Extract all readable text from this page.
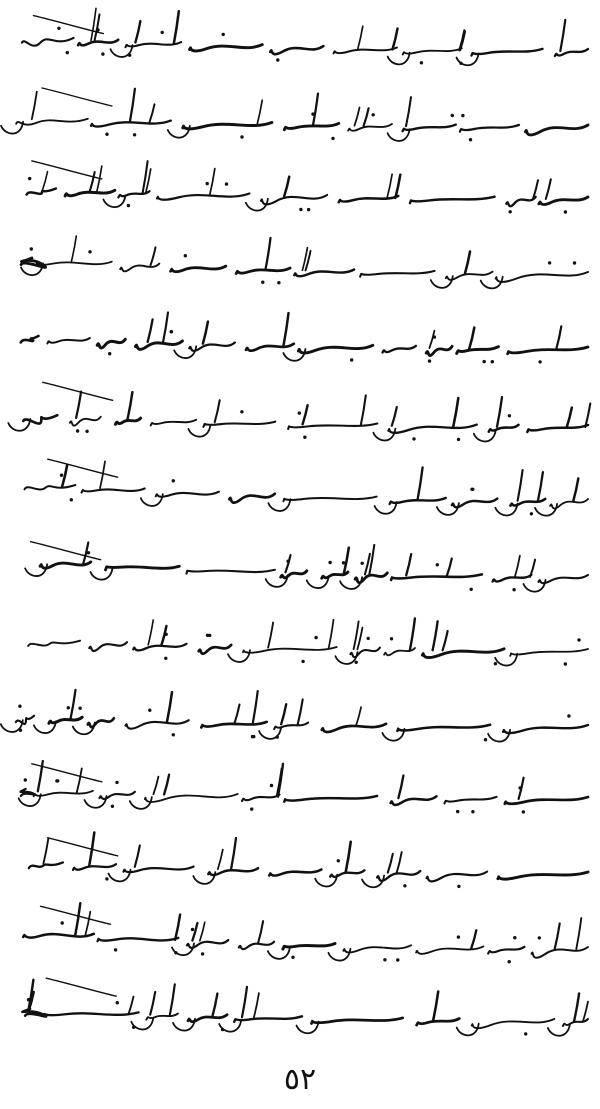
٥٢
